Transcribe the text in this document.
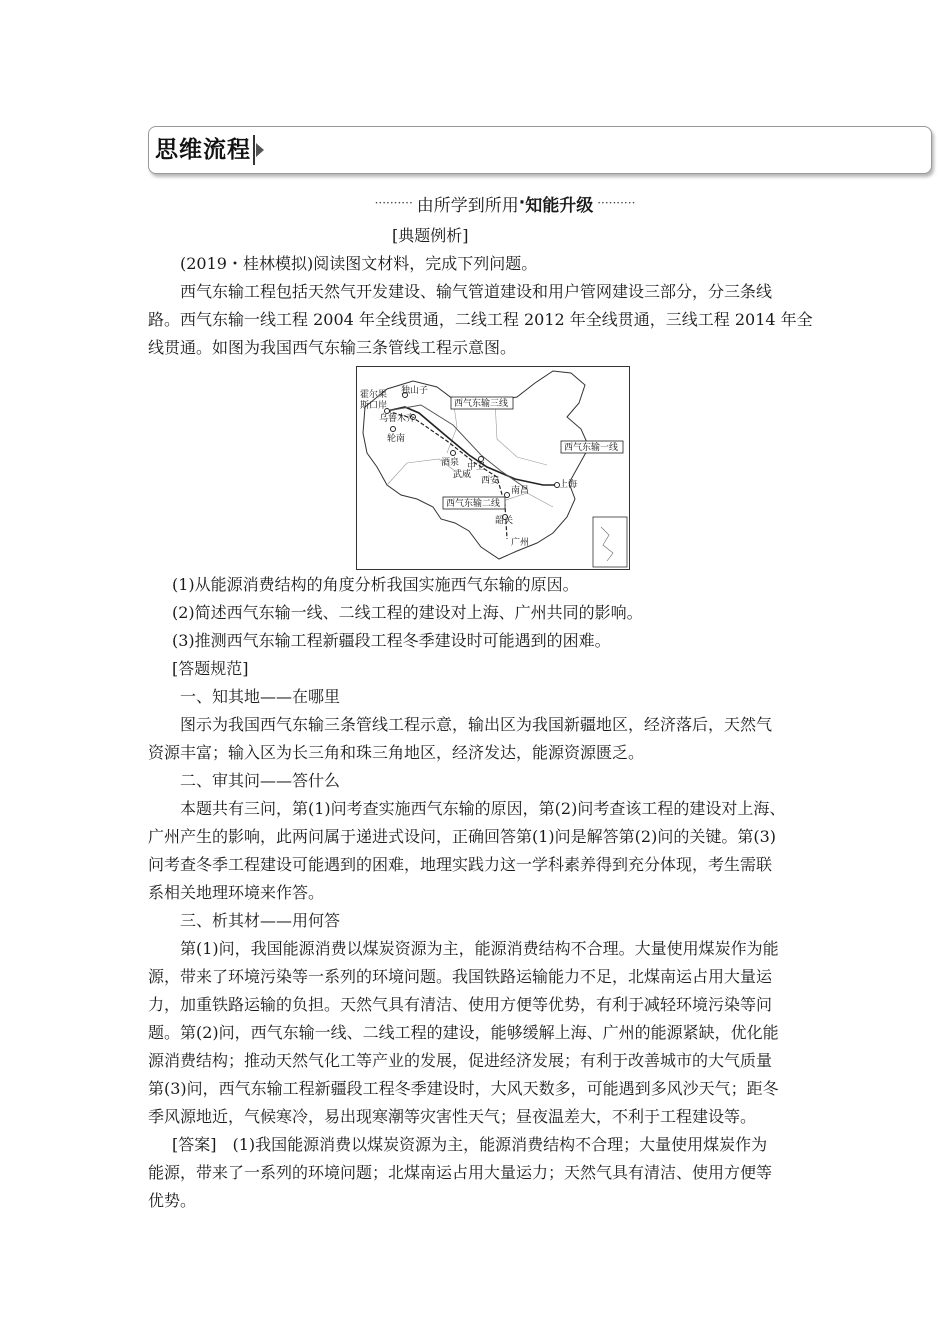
思维流程
·········· 由所学到所用 · 知能升级 ··········
[典题例析]
(2019・桂林模拟)阅读图文材料，完成下列问题。
西气东输工程包括天然气开发建设、输气管道建设和用户管网建设三部分，分三条线
路。西气东输一线工程 2004 年全线贯通，二线工程 2012 年全线贯通，三线工程 2014 年全
线贯通。如图为我国西气东输三条管线工程示意图。
霍尔果
斯口岸
独山子
乌鲁木齐
轮南
酒泉
武威
中卫
西安	上海
南昌
韶关
广州
西气东输三线
西气东输一线
西气东输二线
(1)从能源消费结构的角度分析我国实施西气东输的原因。
(2)简述西气东输一线、二线工程的建设对上海、广州共同的影响。
(3)推测西气东输工程新疆段工程冬季建设时可能遇到的困难。
[答题规范]
一、知其地——在哪里
图示为我国西气东输三条管线工程示意，输出区为我国新疆地区，经济落后，天然气
资源丰富；输入区为长三角和珠三角地区，经济发达，能源资源匮乏。
二、审其问——答什么
本题共有三问，第(1)问考查实施西气东输的原因，第(2)问考查该工程的建设对上海、
广州产生的影响，此两问属于递进式设问，正确回答第(1)问是解答第(2)问的关键。第(3)
问考查冬季工程建设可能遇到的困难，地理实践力这一学科素养得到充分体现，考生需联
系相关地理环境来作答。
三、析其材——用何答
第(1)问，我国能源消费以煤炭资源为主，能源消费结构不合理。大量使用煤炭作为能
源，带来了环境污染等一系列的环境问题。我国铁路运输能力不足，北煤南运占用大量运
力，加重铁路运输的负担。天然气具有清洁、使用方便等优势，有利于减轻环境污染等问
题。第(2)问，西气东输一线、二线工程的建设，能够缓解上海、广州的能源紧缺，优化能
源消费结构；推动天然气化工等产业的发展，促进经济发展；有利于改善城市的大气质量
第(3)问，西气东输工程新疆段工程冬季建设时，大风天数多，可能遇到多风沙天气；距冬
季风源地近，气候寒冷，易出现寒潮等灾害性天气；昼夜温差大，不利于工程建设等。
[答案]　(1)我国能源消费以煤炭资源为主，能源消费结构不合理；大量使用煤炭作为
能源，带来了一系列的环境问题；北煤南运占用大量运力；天然气具有清洁、使用方便等
优势。
